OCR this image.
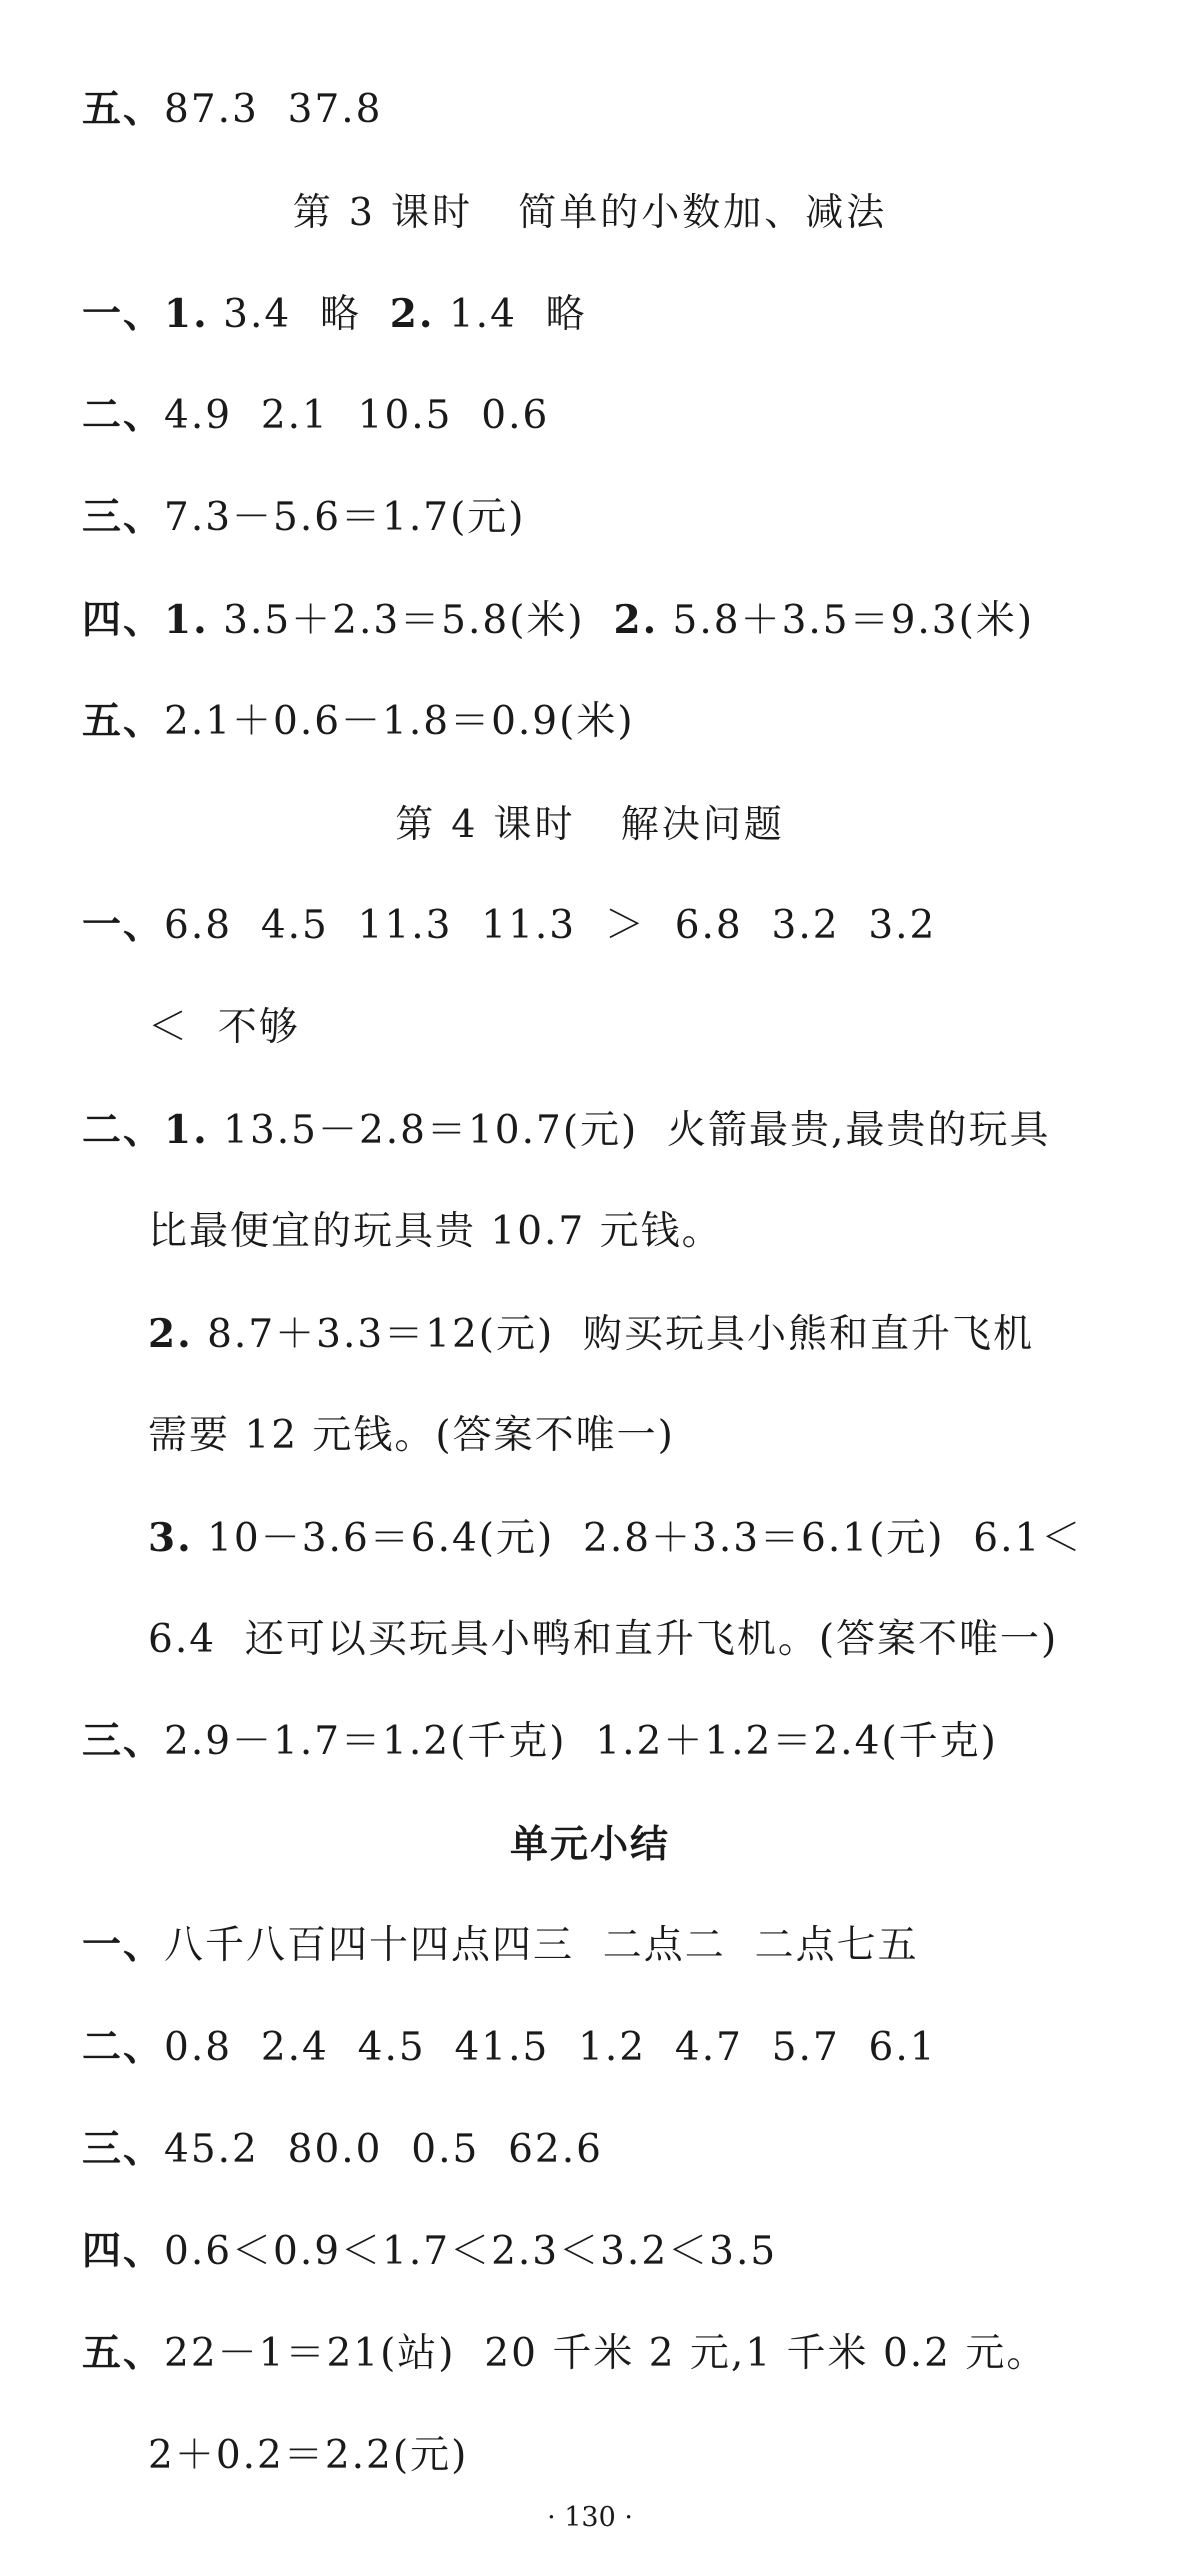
五、87.3  37.8
第 3 课时   简单的小数加、减法
一、1. 3.4  略  2. 1.4  略
二、4.9  2.1  10.5  0.6
三、7.3－5.6＝1.7(元)
四、1. 3.5＋2.3＝5.8(米)  2. 5.8＋3.5＝9.3(米)
五、2.1＋0.6－1.8＝0.9(米)
第 4 课时   解决问题
一、6.8  4.5  11.3  11.3  ＞  6.8  3.2  3.2
＜  不够
二、1. 13.5－2.8＝10.7(元)  火箭最贵,最贵的玩具
比最便宜的玩具贵 10.7 元钱。
2. 8.7＋3.3＝12(元)  购买玩具小熊和直升飞机
需要 12 元钱。(答案不唯一)
3. 10－3.6＝6.4(元)  2.8＋3.3＝6.1(元)  6.1＜
6.4  还可以买玩具小鸭和直升飞机。(答案不唯一)
三、2.9－1.7＝1.2(千克)  1.2＋1.2＝2.4(千克)
单元小结
一、八千八百四十四点四三  二点二  二点七五
二、0.8  2.4  4.5  41.5  1.2  4.7  5.7  6.1
三、45.2  80.0  0.5  62.6
四、0.6＜0.9＜1.7＜2.3＜3.2＜3.5
五、22－1＝21(站)  20 千米 2 元,1 千米 0.2 元。
2＋0.2＝2.2(元)
· 130 ·
